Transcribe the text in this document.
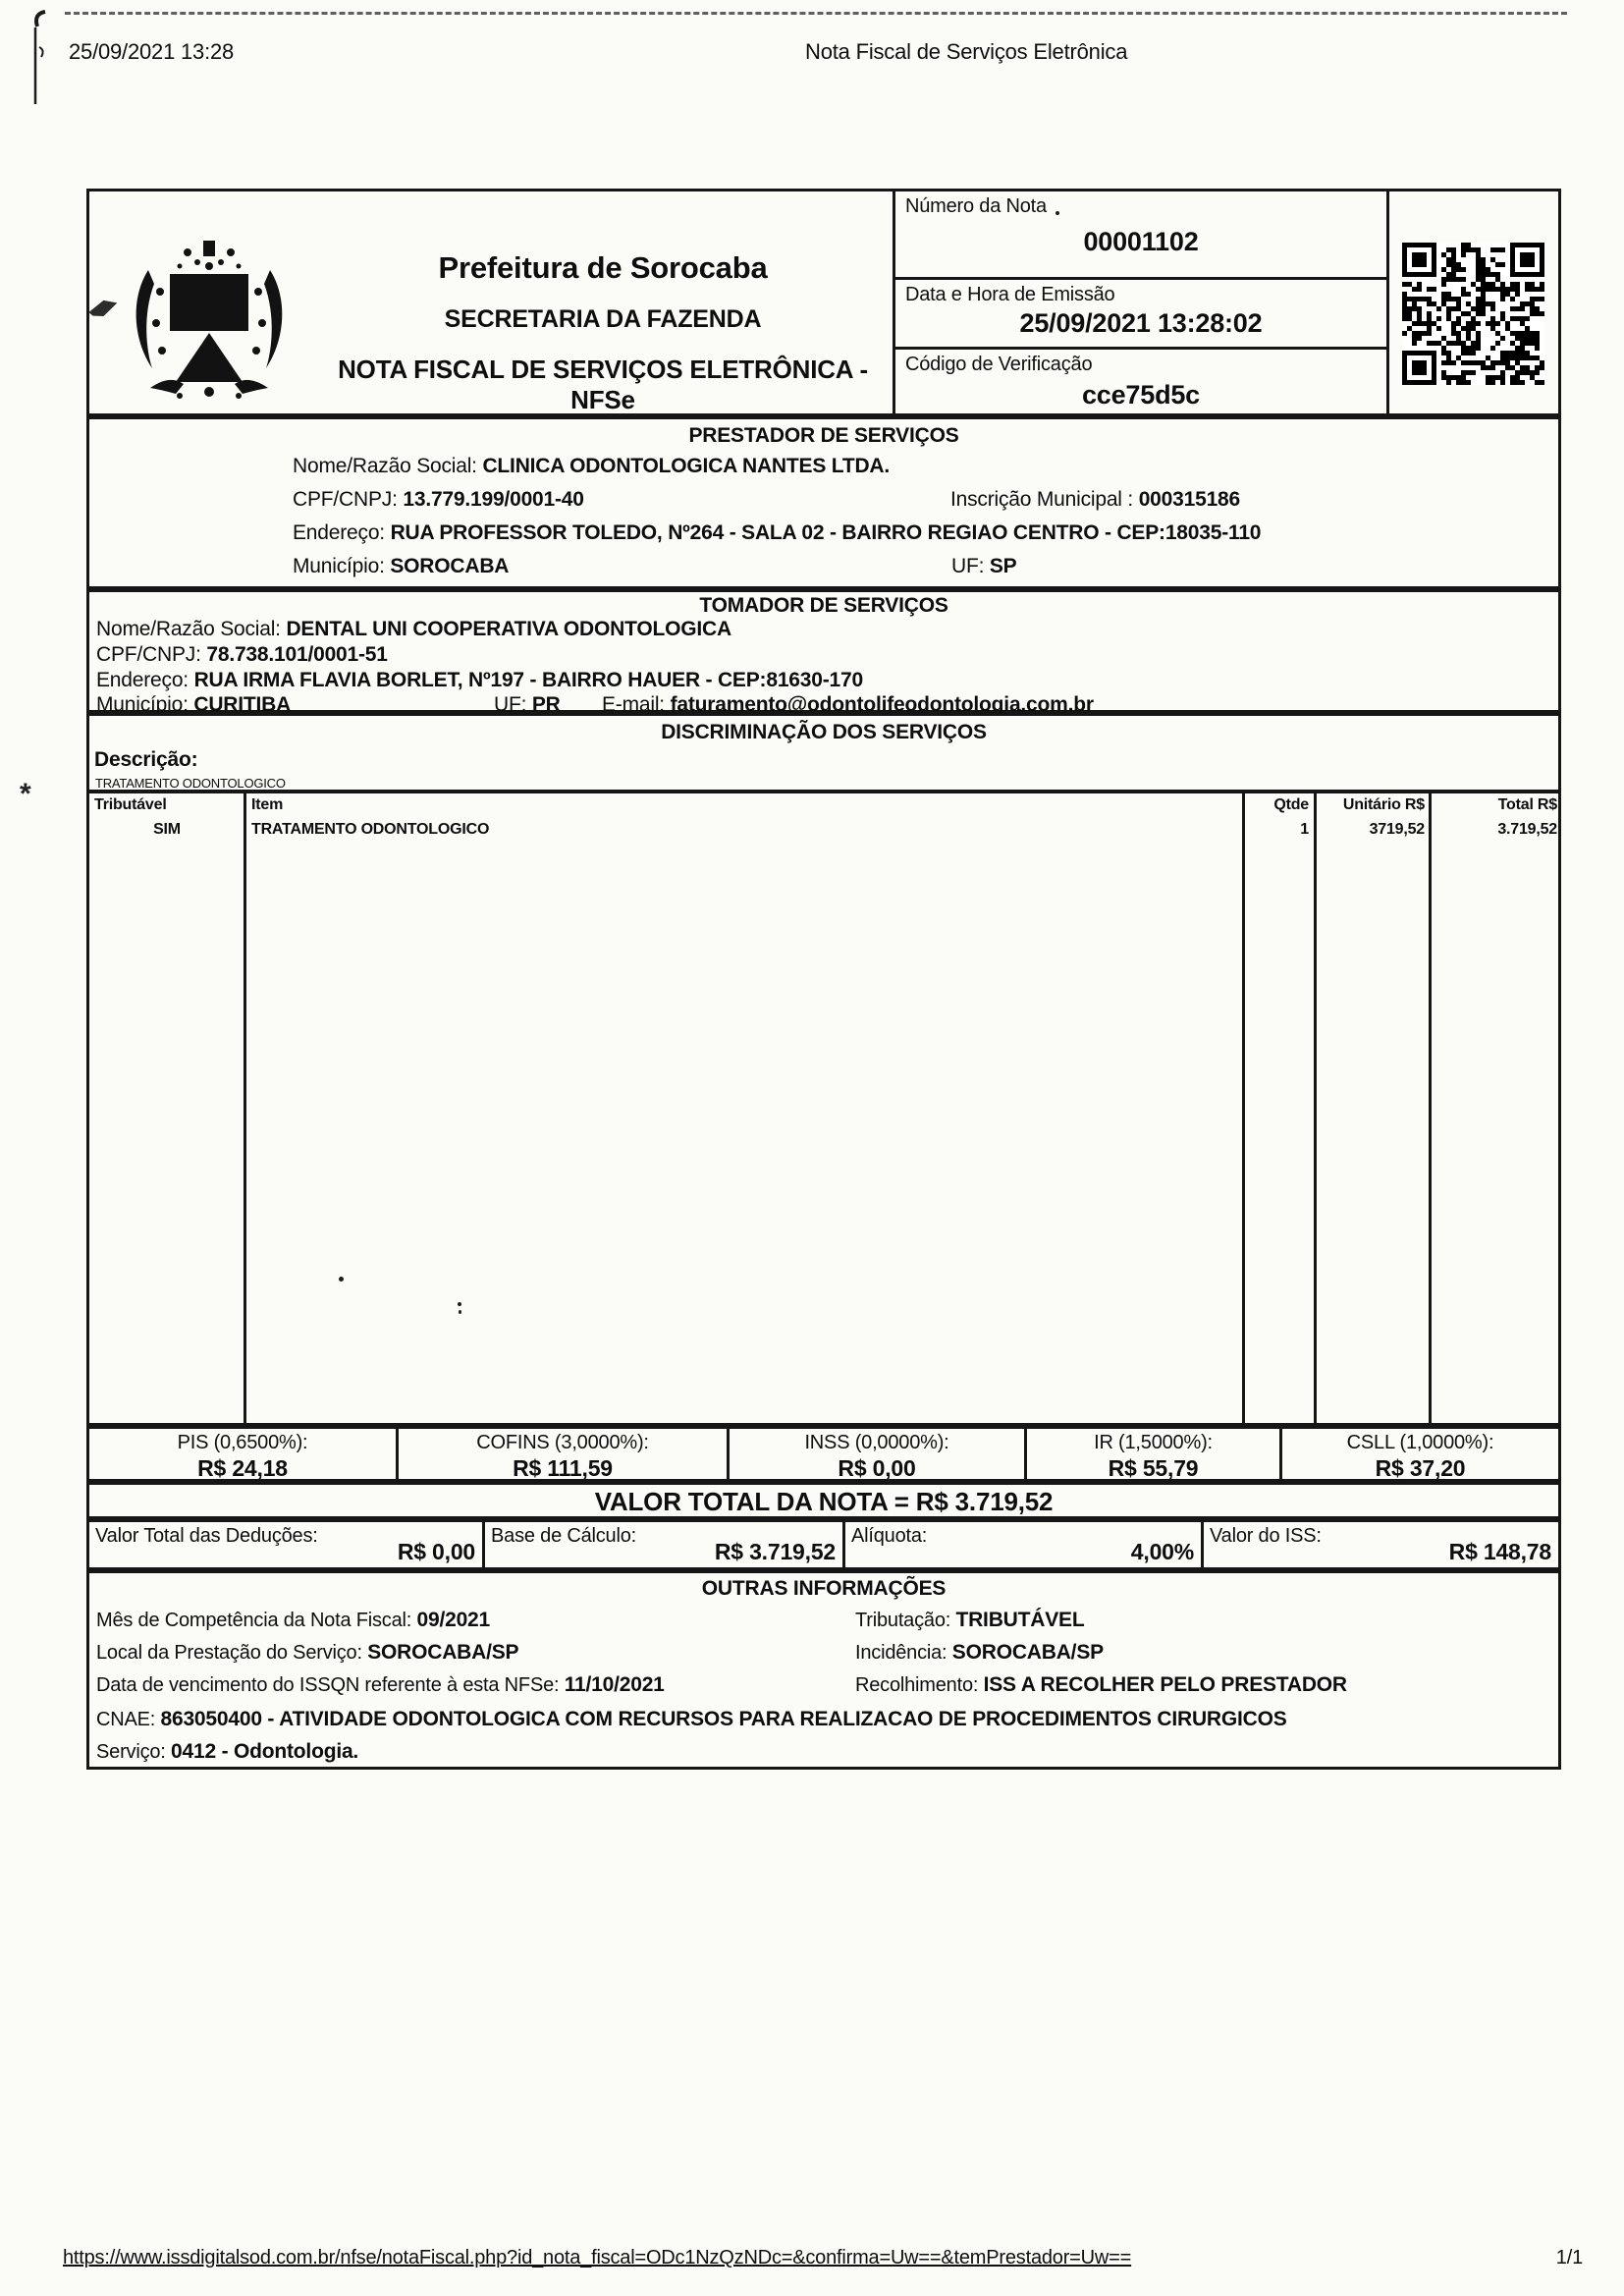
*
25/09/2021 13:28	Nota Fiscal de Serviços Eletrônica
Prefeitura de Sorocaba
SECRETARIA DA FAZENDA
NOTA FISCAL DE SERVIÇOS ELETRÔNICA - NFSe
Número da Nota
00001102
Data e Hora de Emissão
25/09/2021 13:28:02
Código de Verificação
cce75d5c
PRESTADOR DE SERVIÇOS
Nome/Razão Social: CLINICA ODONTOLOGICA NANTES LTDA.
CPF/CNPJ: 13.779.199/0001-40	Inscrição Municipal : 000315186
Endereço: RUA PROFESSOR TOLEDO, Nº264 - SALA 02 - BAIRRO REGIAO CENTRO - CEP:18035-110
Município: SOROCABA	UF: SP
TOMADOR DE SERVIÇOS
Nome/Razão Social: DENTAL UNI COOPERATIVA ODONTOLOGICA
CPF/CNPJ: 78.738.101/0001-51
Endereço: RUA IRMA FLAVIA BORLET, Nº197 - BAIRRO HAUER - CEP:81630-170
Município: CURITIBA	UF: PR E-mail: faturamento@odontolifeodontologia.com.br
DISCRIMINAÇÃO DOS SERVIÇOS
Descrição:
TRATAMENTO ODONTOLOGICO
Tributável	Item	Qtde	Unitário R$	Total R$
SIM	TRATAMENTO ODONTOLOGICO	1	3719,52	3.719,52
PIS (0,6500%):
R$ 24,18
COFINS (3,0000%):
R$ 111,59
INSS (0,0000%):
R$ 0,00
IR (1,5000%):
R$ 55,79
CSLL (1,0000%):
R$ 37,20
VALOR TOTAL DA NOTA = R$ 3.719,52
Valor Total das Deduções:
R$ 0,00
Base de Cálculo:
R$ 3.719,52
Alíquota:
4,00%
Valor do ISS:
R$ 148,78
OUTRAS INFORMAÇÕES
Mês de Competência da Nota Fiscal: 09/2021	Tributação: TRIBUTÁVEL
Local da Prestação do Serviço: SOROCABA/SP	Incidência: SOROCABA/SP
Data de vencimento do ISSQN referente à esta NFSe: 11/10/2021	Recolhimento: ISS A RECOLHER PELO PRESTADOR
CNAE: 863050400 - ATIVIDADE ODONTOLOGICA COM RECURSOS PARA REALIZACAO DE PROCEDIMENTOS CIRURGICOS
Serviço: 0412 - Odontologia.
https://www.issdigitalsod.com.br/nfse/notaFiscal.php?id_nota_fiscal=ODc1NzQzNDc=&confirma=Uw==&temPrestador=Uw==	1/1
